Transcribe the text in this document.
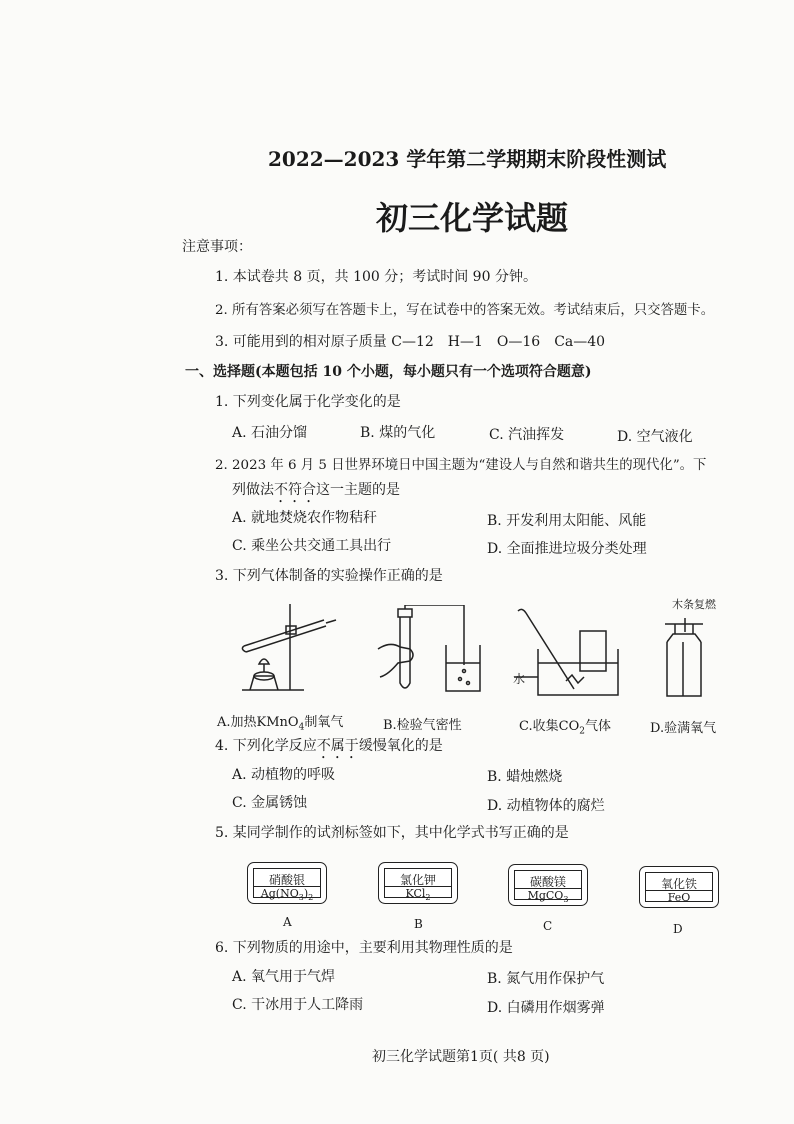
2022—2023 学年第二学期期末阶段性测试
初三化学试题
注意事项：
1. 本试卷共 8 页，共 100 分；考试时间 90 分钟。
2. 所有答案必须写在答题卡上，写在试卷中的答案无效。考试结束后，只交答题卡。
3. 可能用到的相对原子质量 C—12　H—1　O—16　Ca—40
一、选择题(本题包括 10 个小题，每小题只有一个选项符合题意)
1. 下列变化属于化学变化的是
A. 石油分馏	B. 煤的气化	C. 汽油挥发	D. 空气液化
2. 2023 年 6 月 5 日世界环境日中国主题为“建设人与自然和谐共生的现代化”。下
列做法不符合这一主题的是
A. 就地焚烧农作物秸秆	B. 开发利用太阳能、风能
C. 乘坐公共交通工具出行	D. 全面推进垃圾分类处理
3. 下列气体制备的实验操作正确的是
水
木条复燃
A.加热KMnO$_4$制氧气	B.检验气密性	C.收集$CO_2$气体	D.验满氧气
4. 下列化学反应不属于缓慢氧化的是
A. 动植物的呼吸	B. 蜡烛燃烧
C. 金属锈蚀	D. 动植物体的腐烂
5. 某同学制作的试剂标签如下，其中化学式书写正确的是
硝酸银
$Ag(NO_3)_2$
A
氯化钾
KCl$_2$
B
碳酸镁
MgCO$_3$
C
氧化铁
FeO
D
6. 下列物质的用途中，主要利用其物理性质的是
A. 氧气用于气焊	B. 氮气用作保护气
C. 干冰用于人工降雨	D. 白磷用作烟雾弹
初三化学试题第1页( 共8 页)
